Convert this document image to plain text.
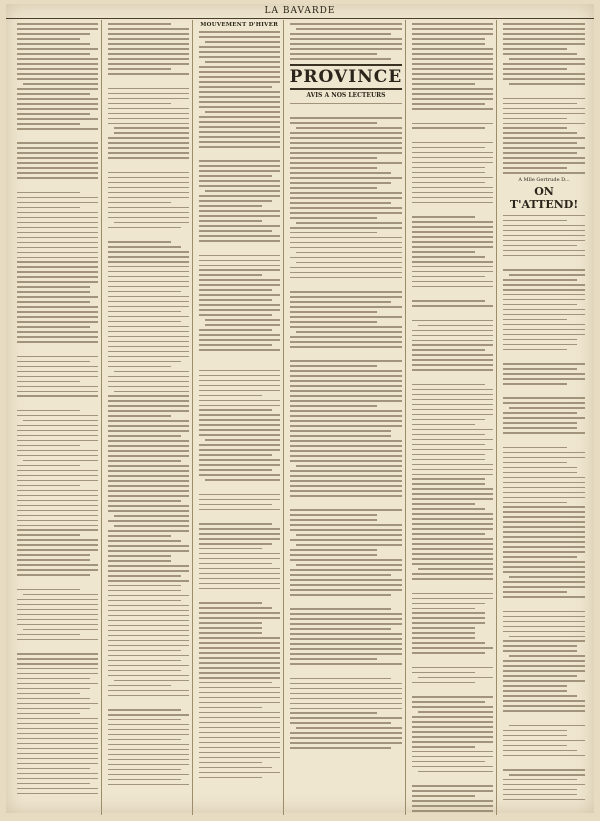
LA BAVARDE
MOUVEMENT D'HIVER
PROVINCE
AVIS A NOS LECTEURS
A Mlle Gertrude D...
ON T'ATTEND!
